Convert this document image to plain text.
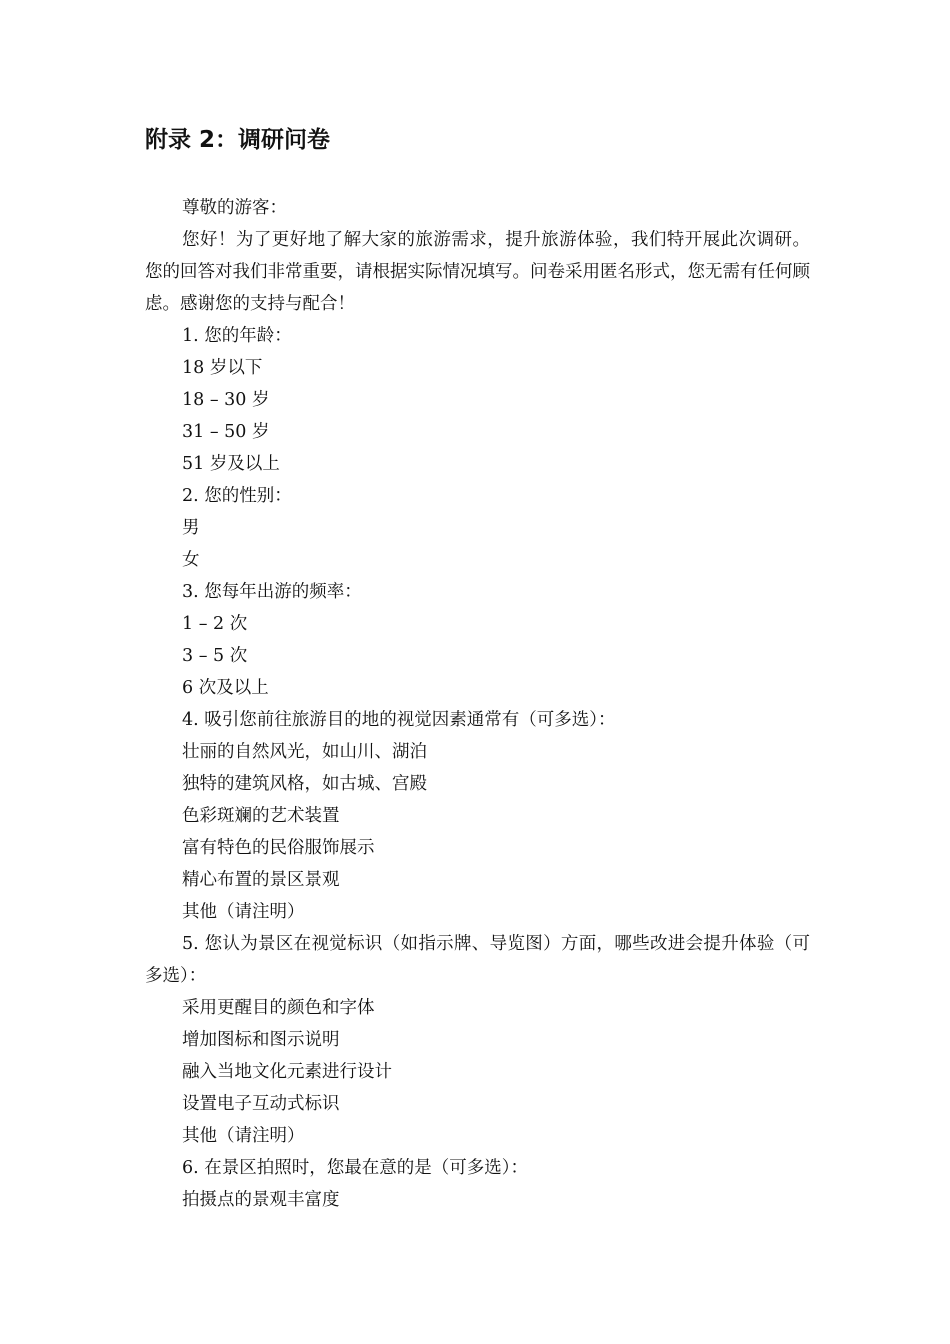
附录 2：调研问卷

尊敬的游客：

您好！为了更好地了解大家的旅游需求，提升旅游体验，我们特开展此次调研。您的回答对我们非常重要，请根据实际情况填写。问卷采用匿名形式，您无需有任何顾虑。感谢您的支持与配合！

1. 您的年龄：

18 岁以下

18 – 30 岁

31 – 50 岁

51 岁及以上

2. 您的性别：

男

女

3. 您每年出游的频率：

1 – 2 次

3 – 5 次

6 次及以上

4. 吸引您前往旅游目的地的视觉因素通常有（可多选）：

壮丽的自然风光，如山川、湖泊

独特的建筑风格，如古城、宫殿

色彩斑斓的艺术装置

富有特色的民俗服饰展示

精心布置的景区景观

其他（请注明）

5. 您认为景区在视觉标识（如指示牌、导览图）方面，哪些改进会提升体验（可多选）：

采用更醒目的颜色和字体

增加图标和图示说明

融入当地文化元素进行设计

设置电子互动式标识

其他（请注明）

6. 在景区拍照时，您最在意的是（可多选）：

拍摄点的景观丰富度
